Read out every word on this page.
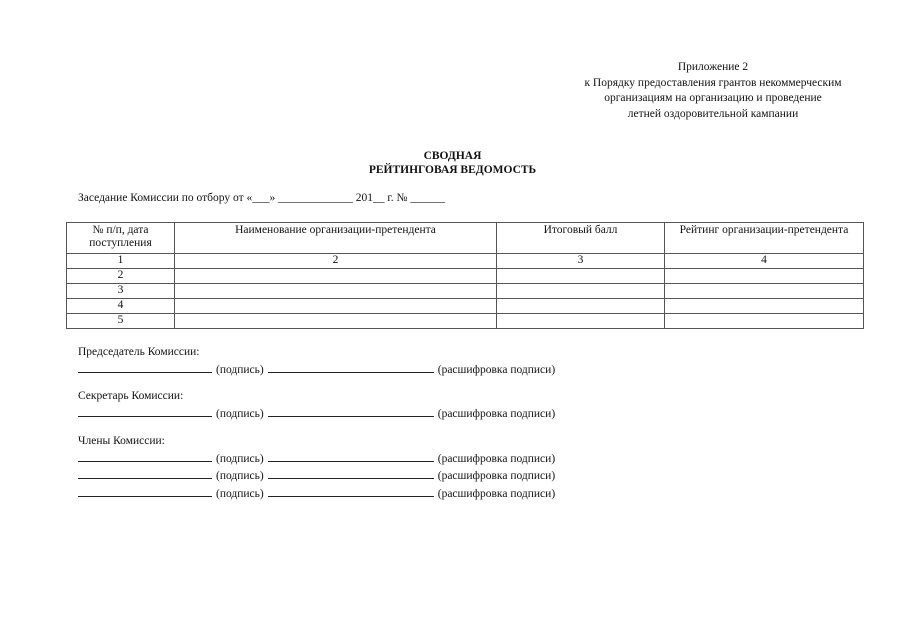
Приложение 2
к Порядку предоставления грантов некоммерческим
организациям на организацию и проведение
летней оздоровительной кампании
СВОДНАЯ
РЕЙТИНГОВАЯ ВЕДОМОСТЬ
Заседание Комиссии по отбору от «___» _____________ 201__ г. № ______
№ п/п, дата поступления	Наименование организации-претендента	Итоговый балл	Рейтинг организации-претендента
1	2	3	4
2			
3			
4			
5			
Председатель Комиссии:
(подпись)	(расшифровка подписи)
Секретарь Комиссии:
(подпись)	(расшифровка подписи)
Члены Комиссии:
(подпись)	(расшифровка подписи)
(подпись)	(расшифровка подписи)
(подпись)	(расшифровка подписи)
